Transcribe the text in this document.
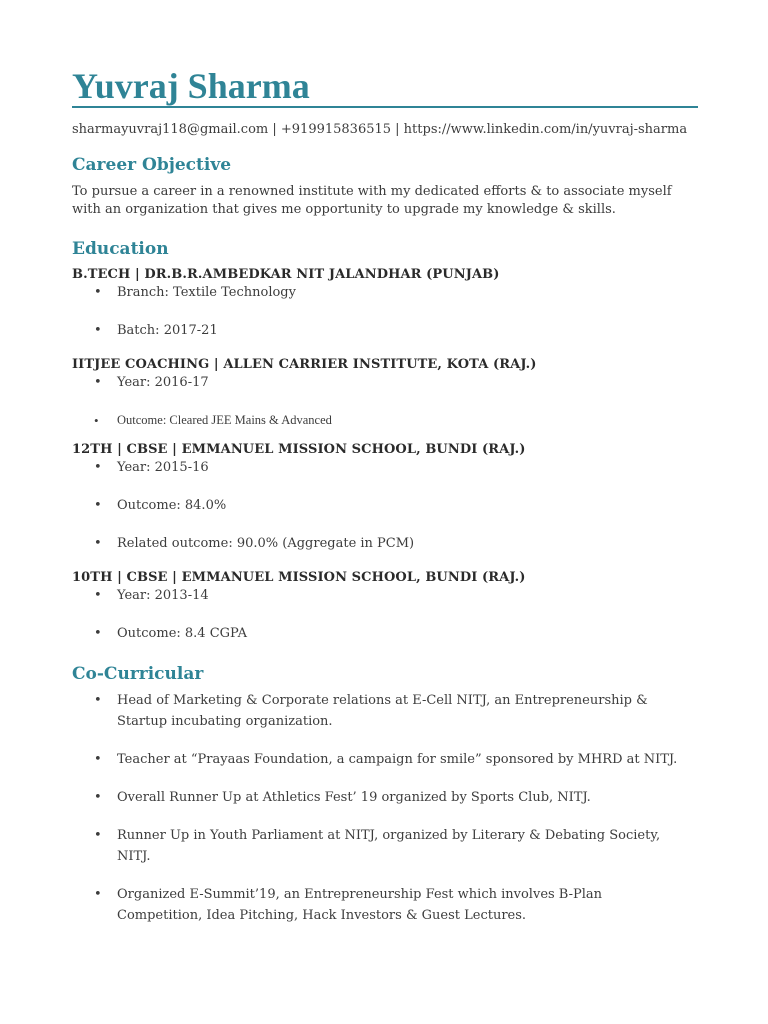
Yuvraj Sharma
sharmayuvraj118@gmail.com | +919915836515 | https://www.linkedin.com/in/yuvraj-sharma
Career Objective
To pursue a career in a renowned institute with my dedicated efforts & to associate myself with an organization that gives me opportunity to upgrade my knowledge & skills.
Education
B.TECH | DR.B.R.AMBEDKAR NIT JALANDHAR (PUNJAB)
• Branch: Textile Technology
• Batch: 2017-21
IITJEE COACHING | ALLEN CARRIER INSTITUTE, KOTA (RAJ.)
• Year: 2016-17
• Outcome: Cleared JEE Mains & Advanced
12TH | CBSE | EMMANUEL MISSION SCHOOL, BUNDI (RAJ.)
• Year: 2015-16
• Outcome: 84.0%
• Related outcome: 90.0% (Aggregate in PCM)
10TH | CBSE | EMMANUEL MISSION SCHOOL, BUNDI (RAJ.)
• Year: 2013-14
• Outcome: 8.4 CGPA
Co-Curricular
• Head of Marketing & Corporate relations at E-Cell NITJ, an Entrepreneurship & Startup incubating organization.
• Teacher at “Prayaas Foundation, a campaign for smile” sponsored by MHRD at NITJ.
• Overall Runner Up at Athletics Fest’ 19 organized by Sports Club, NITJ.
• Runner Up in Youth Parliament at NITJ, organized by Literary & Debating Society, NITJ.
• Organized E-Summit’19, an Entrepreneurship Fest which involves B-Plan Competition, Idea Pitching, Hack Investors & Guest Lectures.
